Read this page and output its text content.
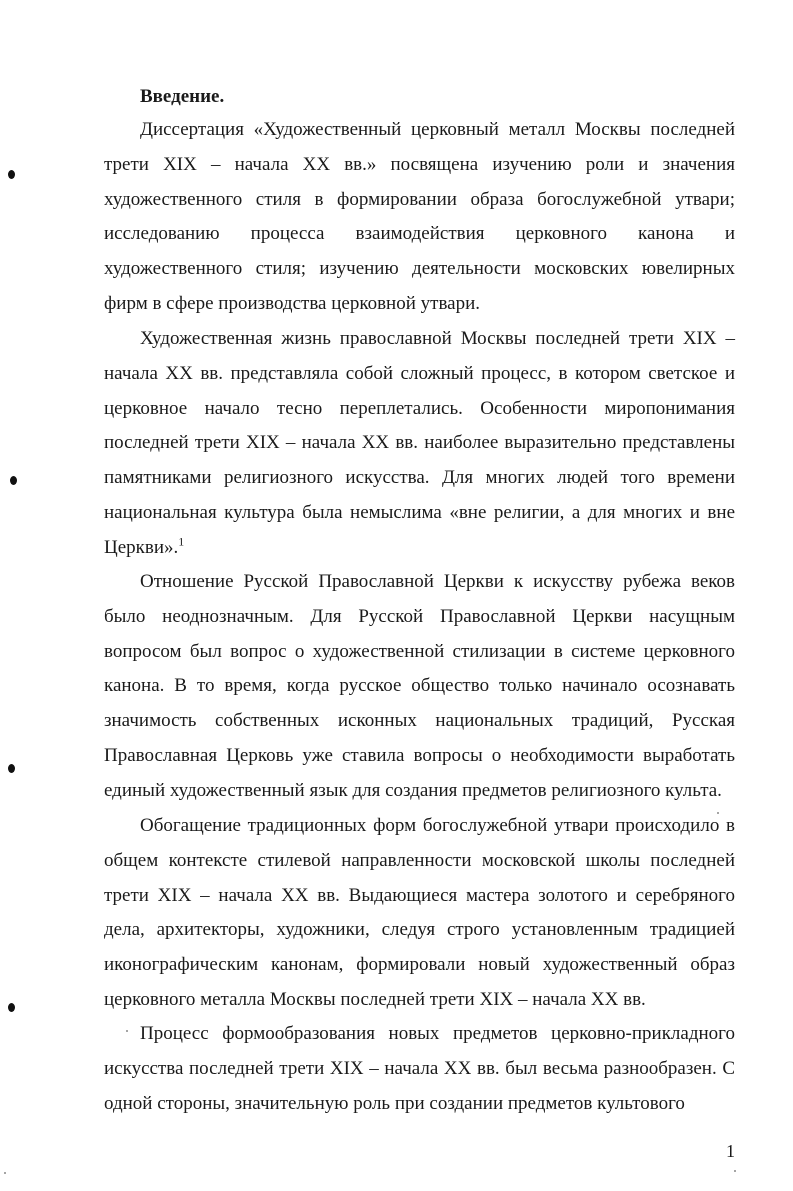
Введение.

Диссертация «Художественный церковный металл Москвы последней трети XIX – начала XX вв.» посвящена изучению роли и значения художественного стиля в формировании образа богослужебной утвари; исследованию процесса взаимодействия церковного канона и художественного стиля; изучению деятельности московских ювелирных фирм в сфере производства церковной утвари.

Художественная жизнь православной Москвы последней трети XIX – начала XX вв. представляла собой сложный процесс, в котором светское и церковное начало тесно переплетались. Особенности миропонимания последней трети XIX – начала XX вв. наиболее выразительно представлены памятниками религиозного искусства. Для многих людей того времени национальная культура была немыслима «вне религии, а для многих и вне Церкви».$^1$

Отношение Русской Православной Церкви к искусству рубежа веков было неоднозначным. Для Русской Православной Церкви насущным вопросом был вопрос о художественной стилизации в системе церковного канона. В то время, когда русское общество только начинало осознавать значимость собственных исконных национальных традиций, Русская Православная Церковь уже ставила вопросы о необходимости выработать единый художественный язык для создания предметов религиозного культа.

Обогащение традиционных форм богослужебной утвари происходило в общем контексте стилевой направленности московской школы последней трети XIX – начала XX вв. Выдающиеся мастера золотого и серебряного дела, архитекторы, художники, следуя строго установленным традицией иконографическим канонам, формировали новый художественный образ церковного металла Москвы последней трети XIX – начала XX вв.

Процесс формообразования новых предметов церковно-прикладного искусства последней трети XIX – начала XX вв. был весьма разнообразен. С одной стороны, значительную роль при создании предметов культового

1
